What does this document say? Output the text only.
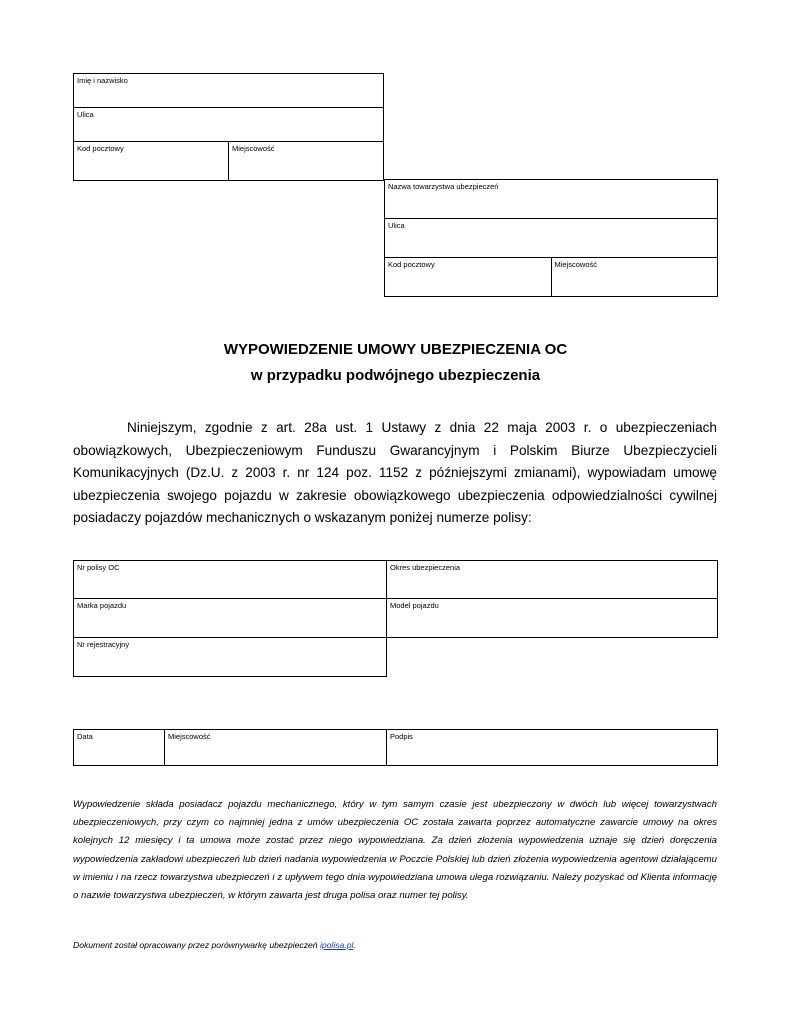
Imię i nazwisko
Ulica
Kod pocztowy	Miejscowość
Nazwa towarzystwa ubezpieczeń
Ulica
Kod pocztowy	Miejscowość
WYPOWIEDZENIE UMOWY UBEZPIECZENIA OC
w przypadku podwójnego ubezpieczenia
Niniejszym, zgodnie z art. 28a ust. 1 Ustawy z dnia 22 maja 2003 r. o ubezpieczeniach obowiązkowych, Ubezpieczeniowym Funduszu Gwarancyjnym i Polskim Biurze Ubezpieczycieli Komunikacyjnych (Dz.U. z 2003 r. nr 124 poz. 1152 z późniejszymi zmianami), wypowiadam umowę ubezpieczenia swojego pojazdu w zakresie obowiązkowego ubezpieczenia odpowiedzialności cywilnej posiadaczy pojazdów mechanicznych o wskazanym poniżej numerze polisy:
Nr polisy OC	Okres ubezpieczenia
Marka pojazdu	Model pojazdu
Nr rejestracyjny	
Data	Miejscowość	Podpis
Wypowiedzenie składa posiadacz pojazdu mechanicznego, który w tym samym czasie jest ubezpieczony w dwóch lub więcej towarzystwach ubezpieczeniowych, przy czym co najmniej jedna z umów ubezpieczenia OC została zawarta poprzez automatyczne zawarcie umowy na okres kolejnych 12 miesięcy i ta umowa może zostać przez niego wypowiedziana. Za dzień złożenia wypowiedzenia uznaje się dzień doręczenia wypowiedzenia zakładowi ubezpieczeń lub dzień nadania wypowiedzenia w Poczcie Polskiej lub dzień złożenia wypowiedzenia agentowi działającemu w imieniu i na rzecz towarzystwa ubezpieczeń i z upływem tego dnia wypowiedziana umowa ulega rozwiązaniu. Należy pozyskać od Klienta informację o nazwie towarzystwa ubezpieczeń, w którym zawarta jest druga polisa oraz numer tej polisy.
Dokument został opracowany przez porównywarkę ubezpieczeń ipolisa.pl.
